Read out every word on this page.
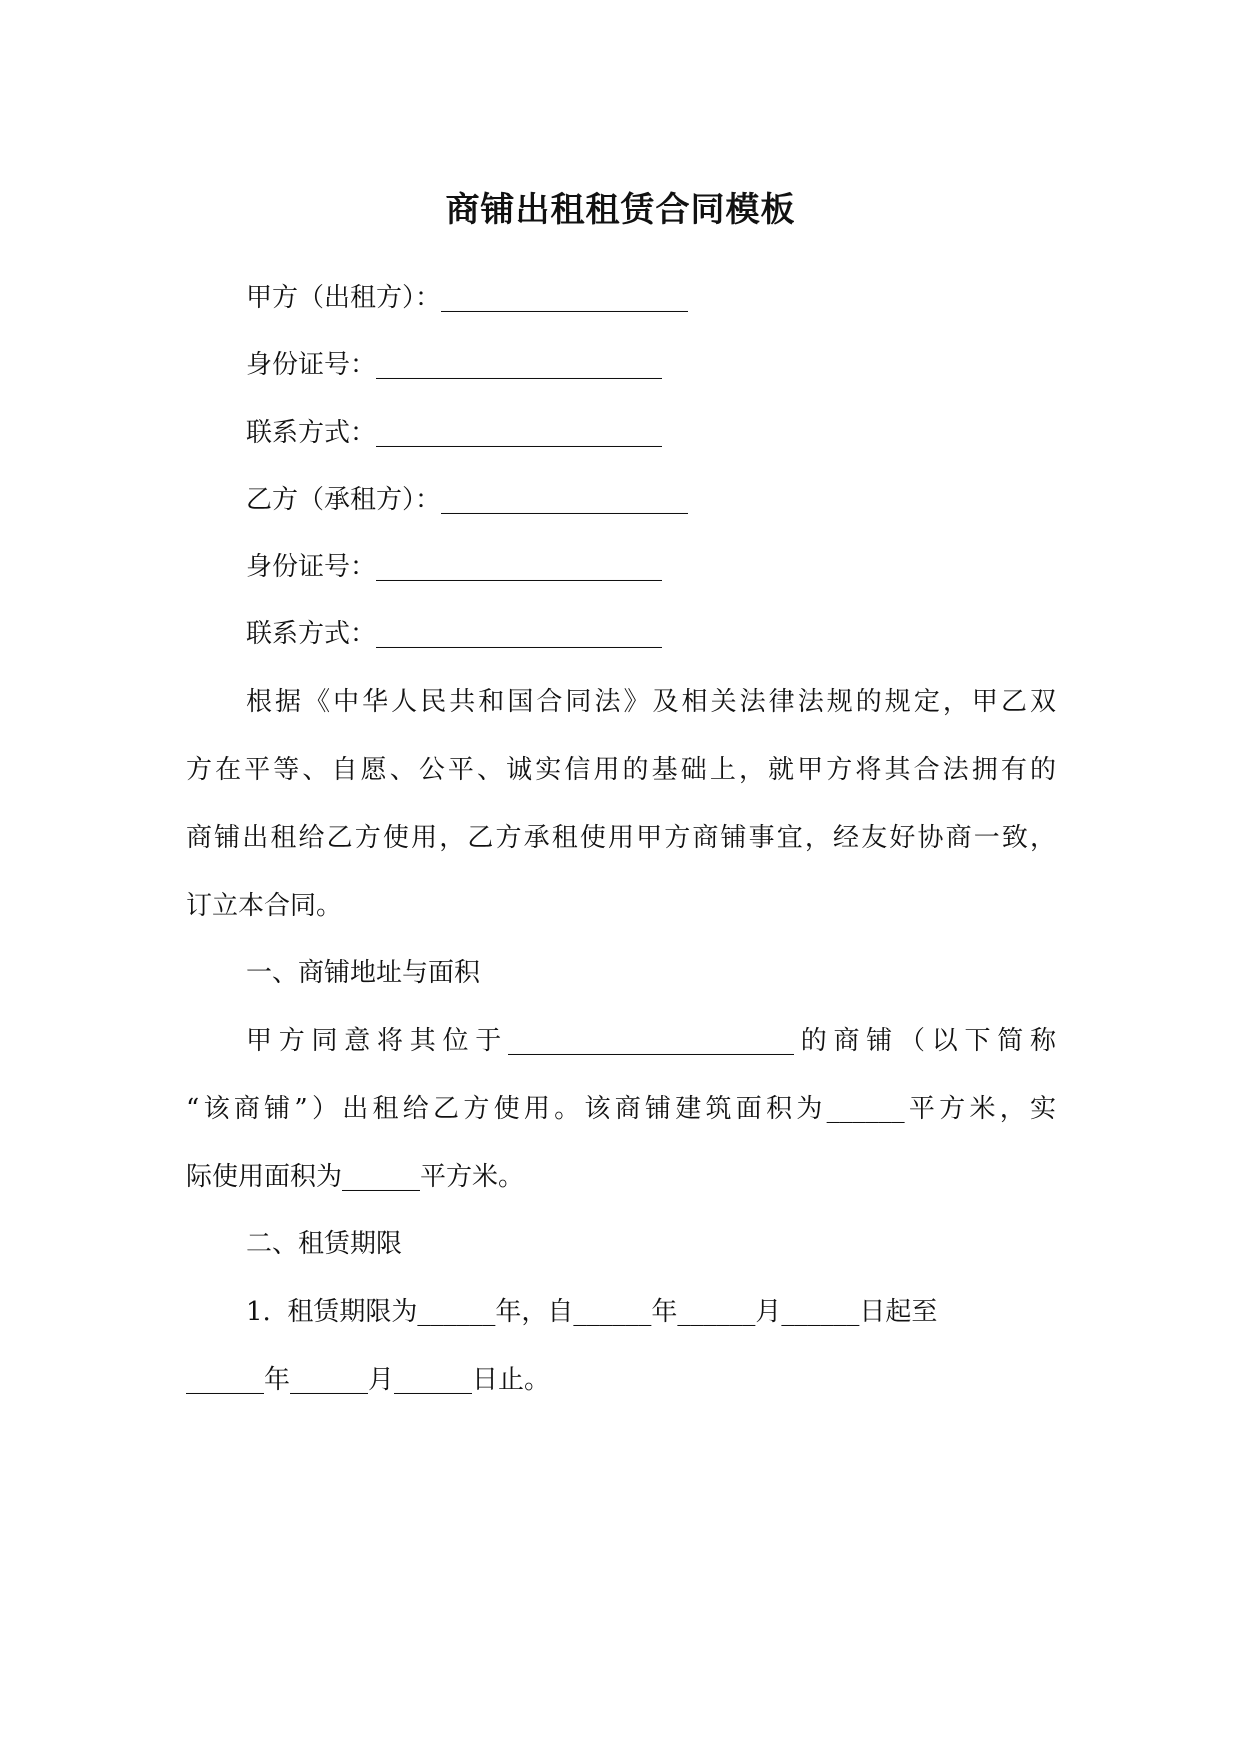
商铺出租租赁合同模板
甲方（出租方）：___________________
身份证号：______________________
联系方式：______________________
乙方（承租方）：___________________
身份证号：______________________
联系方式：______________________
根据《中华人民共和国合同法》及相关法律法规的规定，甲乙双
方在平等、自愿、公平、诚实信用的基础上，就甲方将其合法拥有的
商铺出租给乙方使用，乙方承租使用甲方商铺事宜，经友好协商一致，
订立本合同。
一、商铺地址与面积
甲方同意将其位于______________________的商铺（以下简称
“该商铺”）出租给乙方使用。该商铺建筑面积为______平方米，实
际使用面积为______平方米。
二、租赁期限
1.  租赁期限为______年，自______年______月______日起至
______年______月______日止。
